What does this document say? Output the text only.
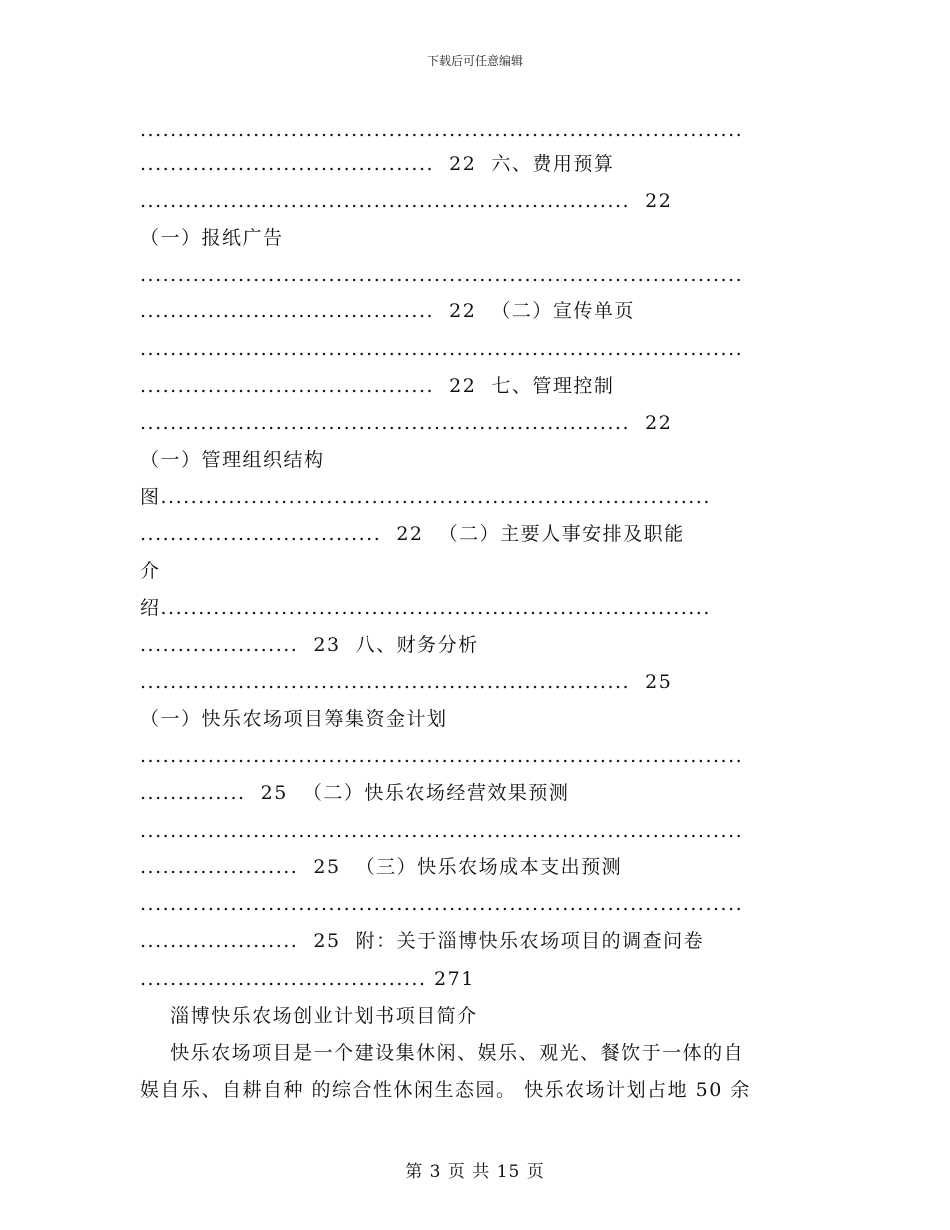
下载后可任意编辑
................................................................................
.......................................  22  六、费用预算
.................................................................  22
（一）报纸广告
................................................................................
.......................................  22  （二）宣传单页
................................................................................
.......................................  22  七、管理控制
.................................................................  22
（一）管理组织结构
图.........................................................................
................................  22  （二）主要人事安排及职能
介
绍.........................................................................
.....................  23  八、财务分析
.................................................................  25
（一）快乐农场项目筹集资金计划
................................................................................
..............  25  （二）快乐农场经营效果预测
................................................................................
.....................  25  （三）快乐农场成本支出预测
................................................................................
.....................  25  附：关于淄博快乐农场项目的调查问卷
...................................... 271
淄博快乐农场创业计划书项目简介
快乐农场项目是一个建设集休闲、娱乐、观光、餐饮于一体的自
娱自乐、自耕自种 的综合性休闲生态园。 快乐农场计划占地 50 余
第 3 页 共 15 页
